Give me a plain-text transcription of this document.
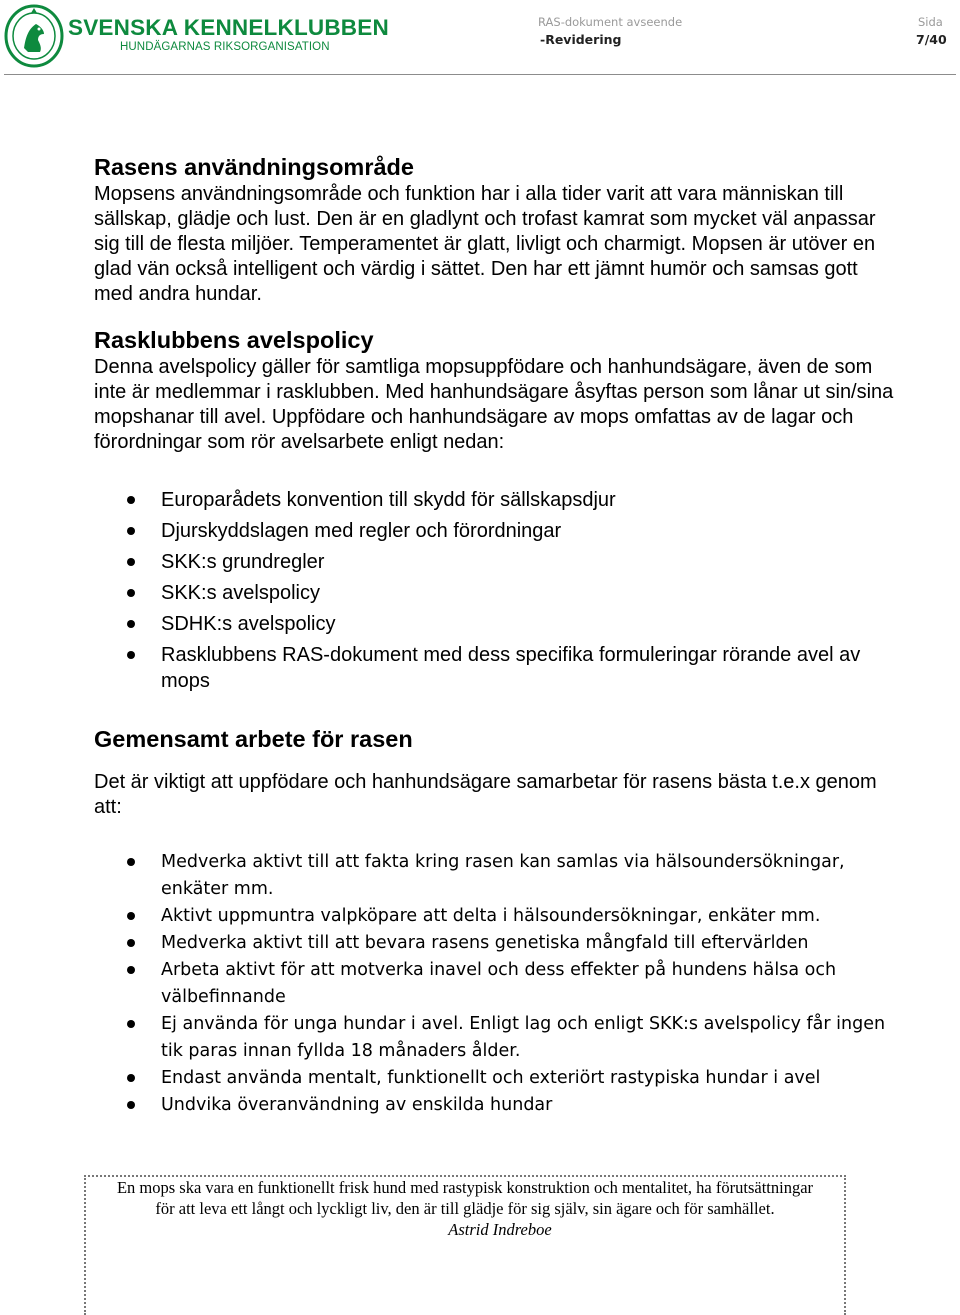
SVENSKA KENNELKLUBBEN
HUNDÄGARNAS RIKSORGANISATION
RAS-dokument avseende
-Revidering
Sida
7/40
Rasens användningsområde

Mopsens användningsområde och funktion har i alla tider varit att vara människan till sällskap, glädje och lust. Den är en gladlynt och trofast kamrat som mycket väl anpassar sig till de flesta miljöer. Temperamentet är glatt, livligt och charmigt. Mopsen är utöver en glad vän också intelligent och värdig i sättet. Den har ett jämnt humör och samsas gott med andra hundar.

Rasklubbens avelspolicy

Denna avelspolicy gäller för samtliga mopsuppfödare och hanhundsägare, även de som inte är medlemmar i rasklubben. Med hanhundsägare åsyftas person som lånar ut sin/sina mopshanar till avel. Uppfödare och hanhundsägare av mops omfattas av de lagar och förordningar som rör avelsarbete enligt nedan:

Europarådets konvention till skydd för sällskapsdjur
Djurskyddslagen med regler och förordningar
SKK:s grundregler
SKK:s avelspolicy
SDHK:s avelspolicy
Rasklubbens RAS-dokument med dess specifika formuleringar rörande avel av mops
Gemensamt arbete för rasen

Det är viktigt att uppfödare och hanhundsägare samarbetar för rasens bästa t.e.x genom att:

Medverka aktivt till att fakta kring rasen kan samlas via hälsoundersökningar, enkäter mm.
Aktivt uppmuntra valpköpare att delta i hälsoundersökningar, enkäter mm.
Medverka aktivt till att bevara rasens genetiska mångfald till eftervärlden
Arbeta aktivt för att motverka inavel och dess effekter på hundens hälsa och välbefinnande
Ej använda för unga hundar i avel. Enligt lag och enligt SKK:s avelspolicy får ingen tik paras innan fyllda 18 månaders ålder.
Endast använda mentalt, funktionellt och exteriört rastypiska hundar i avel
Undvika överanvändning av enskilda hundar
En mops ska vara en funktionellt frisk hund med rastypisk konstruktion och mentalitet, ha förutsättningar för att leva ett långt och lyckligt liv, den är till glädje för sig själv, sin ägare och för samhället. Astrid Indreboe
